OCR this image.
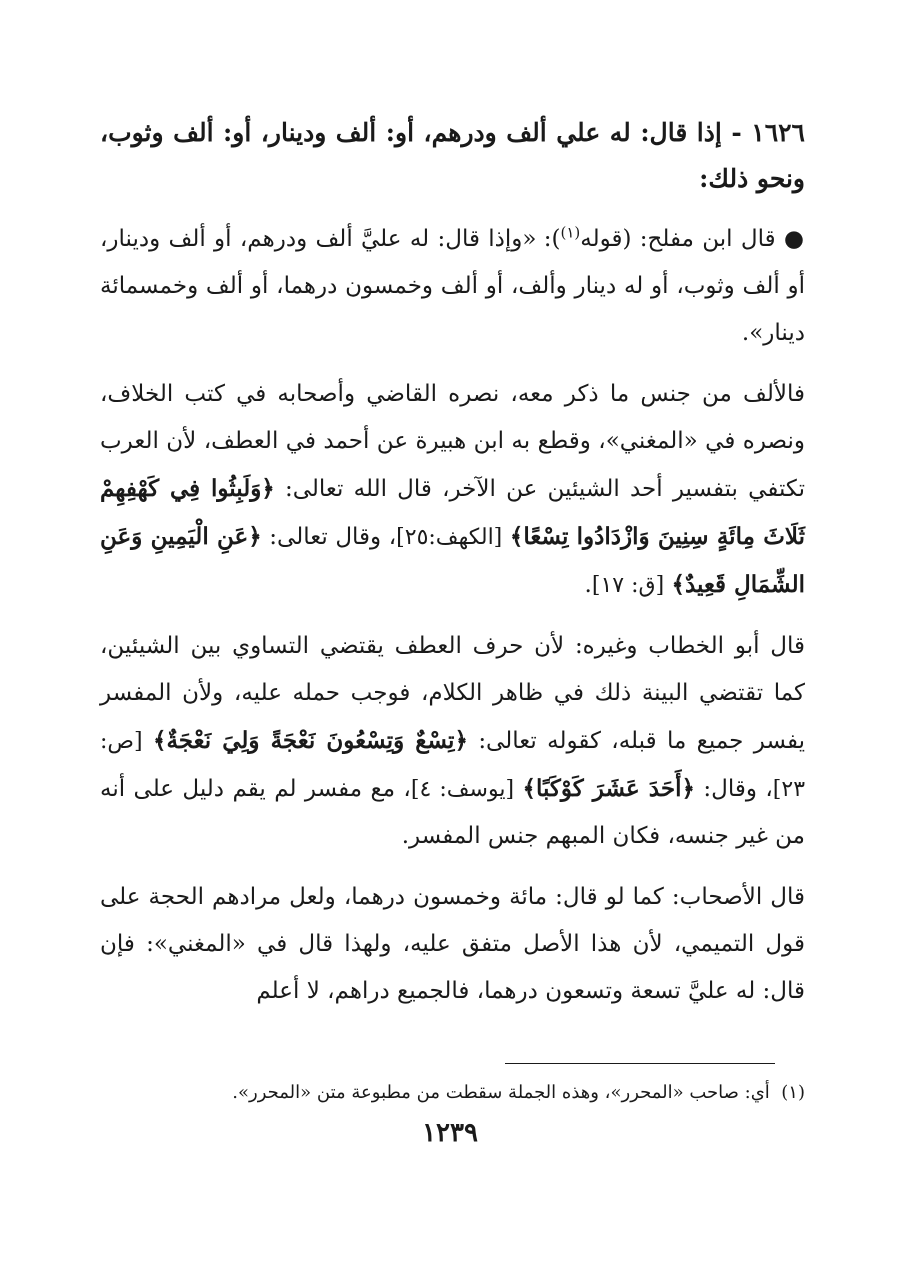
١٦٢٦ - إذا قال: له علي ألف ودرهم، أو: ألف ودينار، أو: ألف وثوب، ونحو ذلك:

● قال ابن مفلح: (قوله$^{(١)}$): «وإذا قال: له عليَّ ألف ودرهم، أو ألف ودينار، أو ألف وثوب، أو له دينار وألف، أو ألف وخمسون درهما، أو ألف وخمسمائة دينار».

فالألف من جنس ما ذكر معه، نصره القاضي وأصحابه في كتب الخلاف، ونصره في «المغني»، وقطع به ابن هبيرة عن أحمد في العطف، لأن العرب تكتفي بتفسير أحد الشيئين عن الآخر، قال الله تعالى: ﴿وَلَبِثُوا فِي كَهْفِهِمْ ثَلَاثَ مِائَةٍ سِنِينَ وَازْدَادُوا تِسْعًا﴾ [الكهف:٢٥]، وقال تعالى: ﴿عَنِ الْيَمِينِ وَعَنِ الشِّمَالِ قَعِيدٌ﴾ [ق: ١٧].

قال أبو الخطاب وغيره: لأن حرف العطف يقتضي التساوي بين الشيئين، كما تقتضي البينة ذلك في ظاهر الكلام، فوجب حمله عليه، ولأن المفسر يفسر جميع ما قبله، كقوله تعالى: ﴿تِسْعٌ وَتِسْعُونَ نَعْجَةً وَلِيَ نَعْجَةٌ﴾ [ص: ٢٣]، وقال: ﴿أَحَدَ عَشَرَ كَوْكَبًا﴾ [يوسف: ٤]، مع مفسر لم يقم دليل على أنه من غير جنسه، فكان المبهم جنس المفسر.

قال الأصحاب: كما لو قال: مائة وخمسون درهما، ولعل مرادهم الحجة على قول التميمي، لأن هذا الأصل متفق عليه، ولهذا قال في «المغني»: فإن قال: له عليَّ تسعة وتسعون درهما، فالجميع دراهم، لا أعلم

(١)  أي: صاحب «المحرر»، وهذه الجملة سقطت من مطبوعة متن «المحرر».
١٢٣٩
